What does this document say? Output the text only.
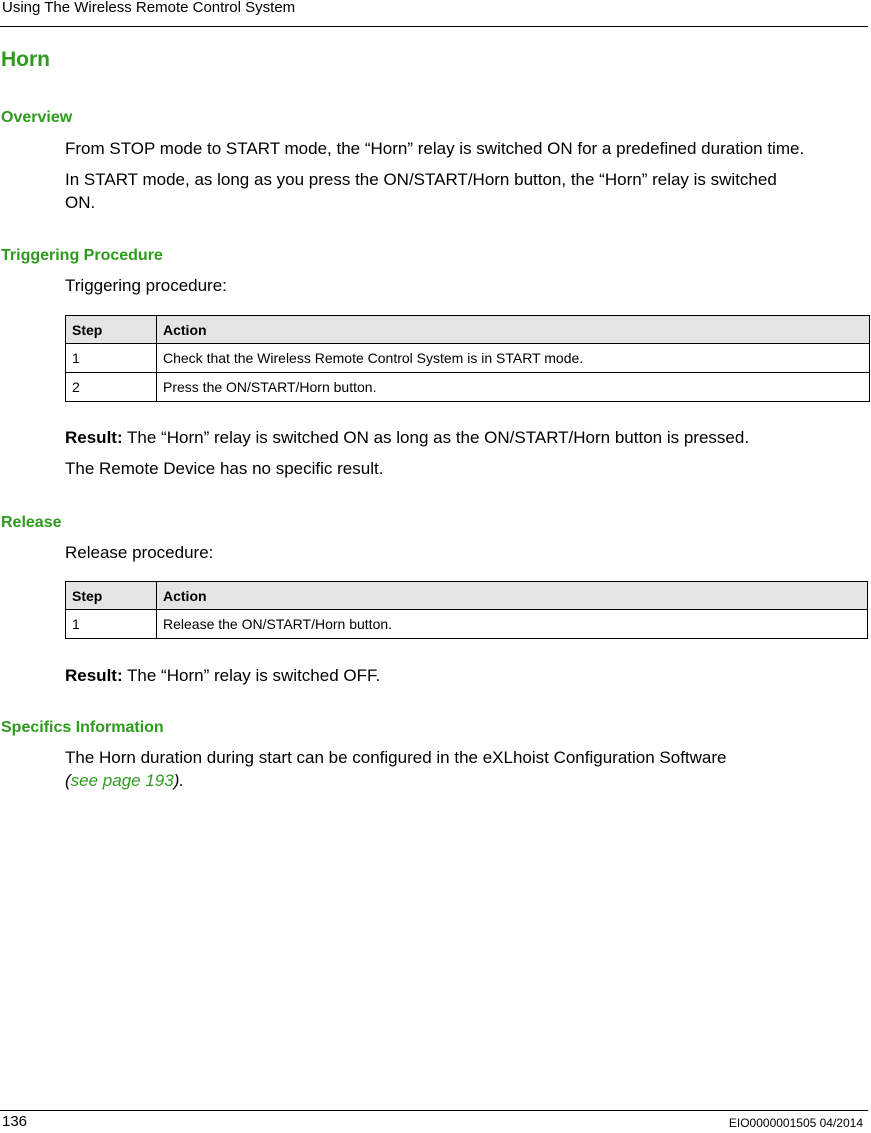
Using The Wireless Remote Control System
Horn
Overview

From STOP mode to START mode, the “Horn” relay is switched ON for a predefined duration time.

In START mode, as long as you press the ON/START/Horn button, the “Horn” relay is switched
ON.

Triggering Procedure

Triggering procedure:

Step	Action
1	Check that the Wireless Remote Control System is in START mode.
2	Press the ON/START/Horn button.

Result: The “Horn” relay is switched ON as long as the ON/START/Horn button is pressed.

The Remote Device has no specific result.

Release

Release procedure:

Step	Action
1	Release the ON/START/Horn button.

Result: The “Horn” relay is switched OFF.

Specifics Information

The Horn duration during start can be configured in the eXLhoist Configuration Software
(see page 193).

136	EIO0000001505 04/2014
